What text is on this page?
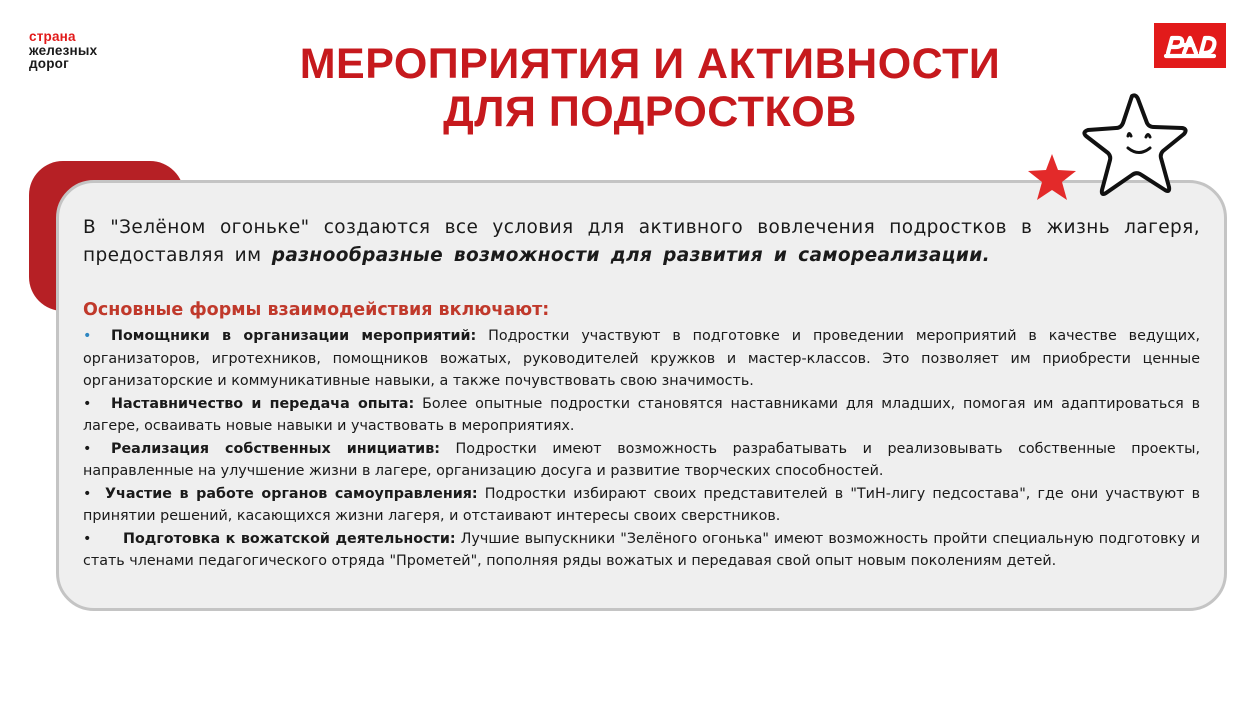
страна
железных
дорог	МЕРОПРИЯТИЯ И АКТИВНОСТИ
ДЛЯ ПОДРОСТКОВ
В "Зелёном огоньке" создаются все условия для активного вовлечения подростков в жизнь лагеря, предоставляя им разнообразные возможности для развития и самореализации.
Основные формы взаимодействия включают:

• Помощники в организации мероприятий: Подростки участвуют в подготовке и проведении мероприятий в качестве ведущих, организаторов, игротехников, помощников вожатых, руководителей кружков и мастер-классов. Это позволяет им приобрести ценные организаторские и коммуникативные навыки, а также почувствовать свою значимость.

• Наставничество и передача опыта: Более опытные подростки становятся наставниками для младших, помогая им адаптироваться в лагере, осваивать новые навыки и участвовать в мероприятиях.

• Реализация собственных инициатив: Подростки имеют возможность разрабатывать и реализовывать собственные проекты, направленные на улучшение жизни в лагере, организацию досуга и развитие творческих способностей.

• Участие в работе органов самоуправления: Подростки избирают своих представителей в "ТиН-лигу педсостава", где они участвуют в принятии решений, касающихся жизни лагеря, и отстаивают интересы своих сверстников.

• Подготовка к вожатской деятельности: Лучшие выпускники "Зелёного огонька" имеют возможность пройти специальную подготовку и стать членами педагогического отряда "Прометей", пополняя ряды вожатых и передавая свой опыт новым поколениям детей.
